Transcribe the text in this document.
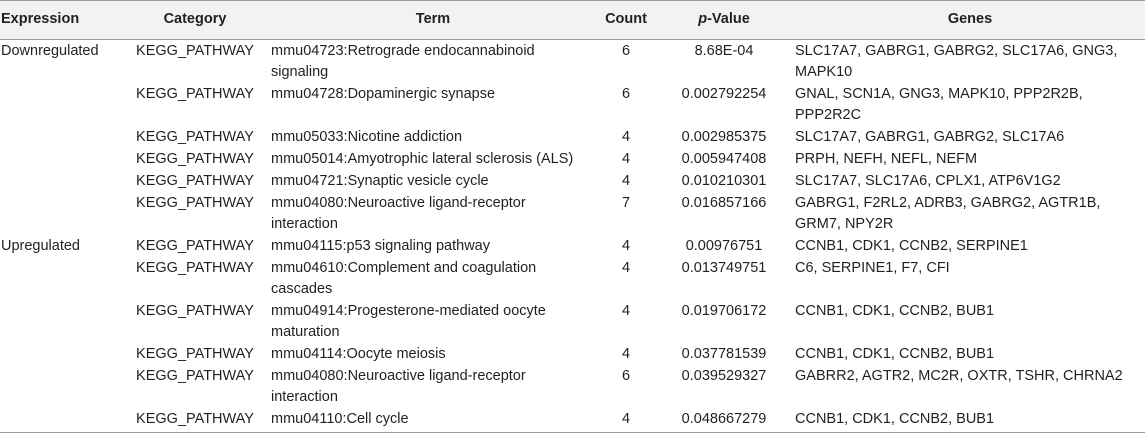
Expression	Category	Term	Count	p-Value	Genes
Downregulated	KEGG_PATHWAY	mmu04723:Retrograde endocannabinoid signaling	6	8.68E-04	SLC17A7, GABRG1, GABRG2, SLC17A6, GNG3, MAPK10
	KEGG_PATHWAY	mmu04728:Dopaminergic synapse	6	0.002792254	GNAL, SCN1A, GNG3, MAPK10, PPP2R2B, PPP2R2C
	KEGG_PATHWAY	mmu05033:Nicotine addiction	4	0.002985375	SLC17A7, GABRG1, GABRG2, SLC17A6
	KEGG_PATHWAY	mmu05014:Amyotrophic lateral sclerosis (ALS)	4	0.005947408	PRPH, NEFH, NEFL, NEFM
	KEGG_PATHWAY	mmu04721:Synaptic vesicle cycle	4	0.010210301	SLC17A7, SLC17A6, CPLX1, ATP6V1G2
	KEGG_PATHWAY	mmu04080:Neuroactive ligand-receptor interaction	7	0.016857166	GABRG1, F2RL2, ADRB3, GABRG2, AGTR1B, GRM7, NPY2R
Upregulated	KEGG_PATHWAY	mmu04115:p53 signaling pathway	4	0.00976751	CCNB1, CDK1, CCNB2, SERPINE1
	KEGG_PATHWAY	mmu04610:Complement and coagulation cascades	4	0.013749751	C6, SERPINE1, F7, CFI
	KEGG_PATHWAY	mmu04914:Progesterone-mediated oocyte maturation	4	0.019706172	CCNB1, CDK1, CCNB2, BUB1
	KEGG_PATHWAY	mmu04114:Oocyte meiosis	4	0.037781539	CCNB1, CDK1, CCNB2, BUB1
	KEGG_PATHWAY	mmu04080:Neuroactive ligand-receptor interaction	6	0.039529327	GABRR2, AGTR2, MC2R, OXTR, TSHR, CHRNA2
	KEGG_PATHWAY	mmu04110:Cell cycle	4	0.048667279	CCNB1, CDK1, CCNB2, BUB1
